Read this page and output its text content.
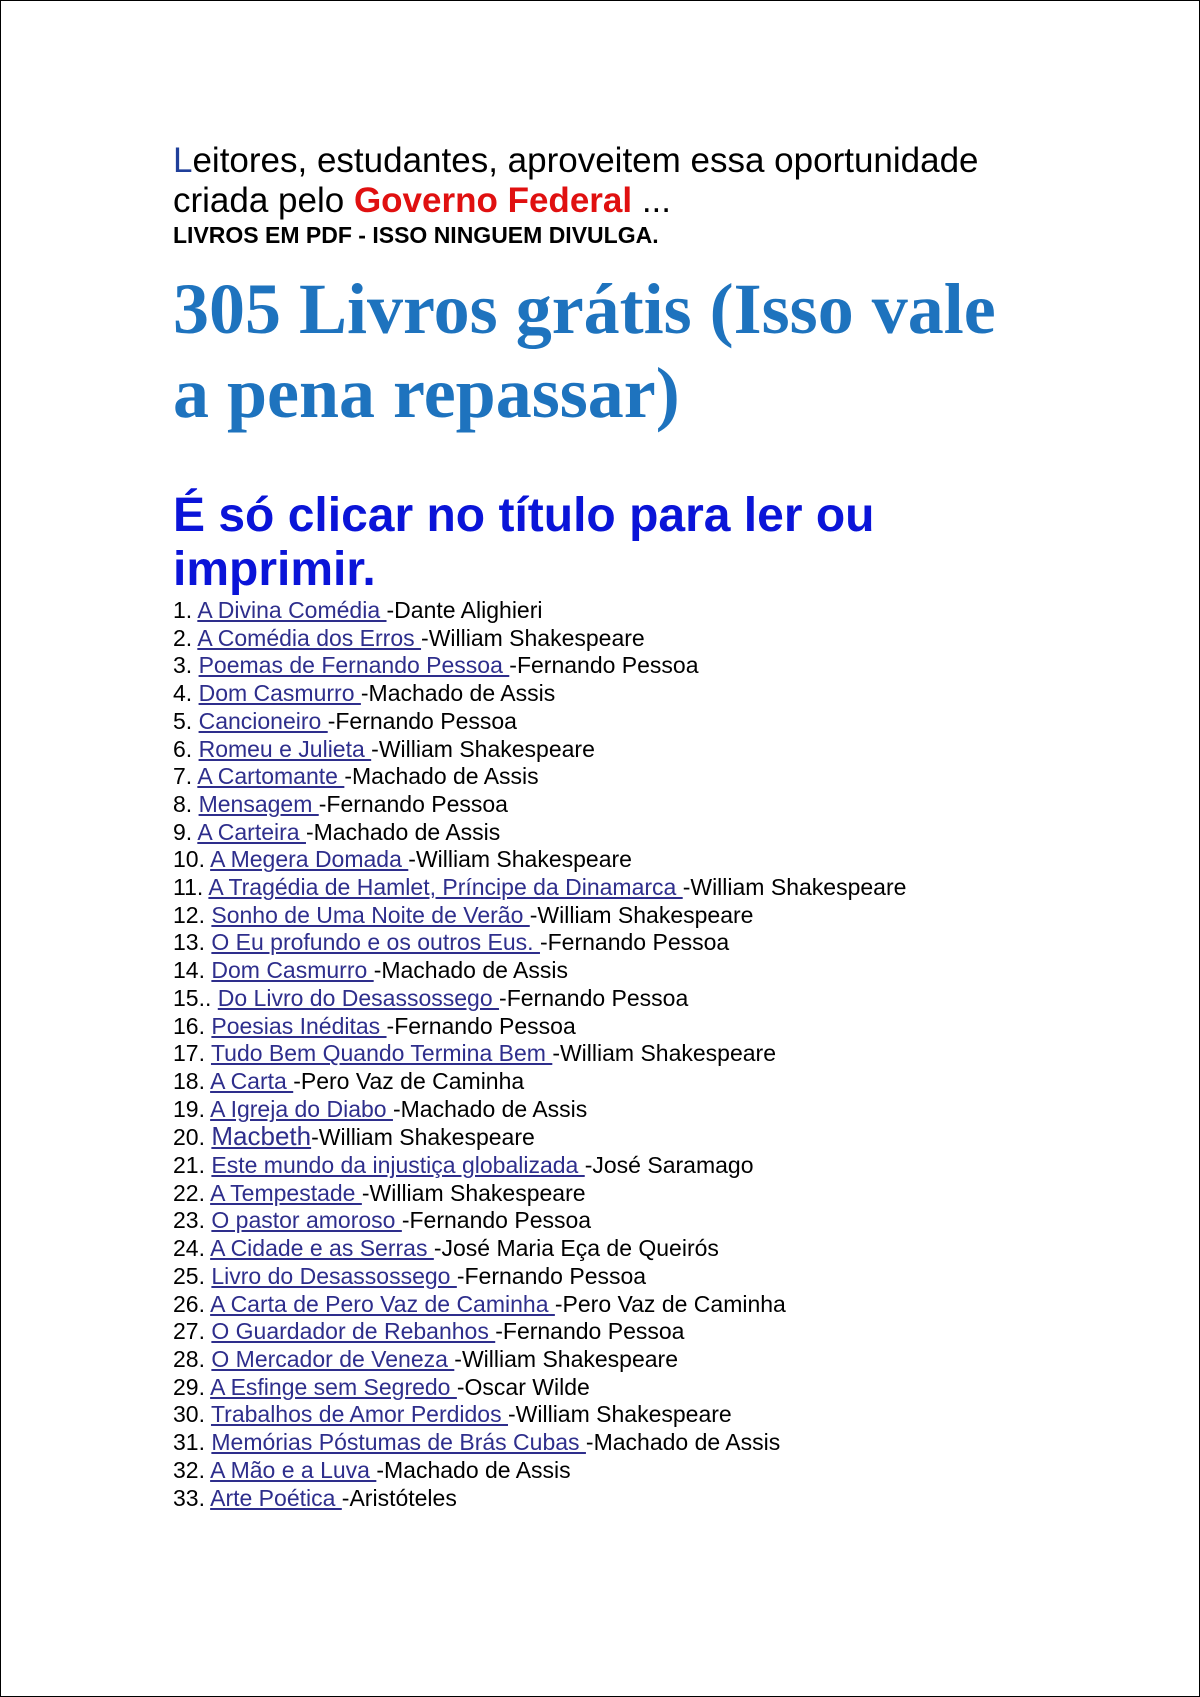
Leitores, estudantes, aproveitem essa oportunidade

criada pelo Governo Federal ...

LIVROS EM PDF - ISSO NINGUEM DIVULGA.

305 Livros grátis (Isso vale
a pena repassar)
É só clicar no título para ler ou
imprimir.
1. A Divina Comédia -Dante Alighieri
2. A Comédia dos Erros -William Shakespeare
3. Poemas de Fernando Pessoa -Fernando Pessoa
4. Dom Casmurro -Machado de Assis
5. Cancioneiro -Fernando Pessoa
6. Romeu e Julieta -William Shakespeare
7. A Cartomante -Machado de Assis
8. Mensagem -Fernando Pessoa
9. A Carteira -Machado de Assis
10. A Megera Domada -William Shakespeare
11. A Tragédia de Hamlet, Príncipe da Dinamarca -William Shakespeare
12. Sonho de Uma Noite de Verão -William Shakespeare
13. O Eu profundo e os outros Eus. -Fernando Pessoa
14. Dom Casmurro -Machado de Assis
15.. Do Livro do Desassossego -Fernando Pessoa
16. Poesias Inéditas -Fernando Pessoa
17. Tudo Bem Quando Termina Bem -William Shakespeare
18. A Carta -Pero Vaz de Caminha
19. A Igreja do Diabo -Machado de Assis
20. Macbeth-William Shakespeare
21. Este mundo da injustiça globalizada -José Saramago
22. A Tempestade -William Shakespeare
23. O pastor amoroso -Fernando Pessoa
24. A Cidade e as Serras -José Maria Eça de Queirós
25. Livro do Desassossego -Fernando Pessoa
26. A Carta de Pero Vaz de Caminha -Pero Vaz de Caminha
27. O Guardador de Rebanhos -Fernando Pessoa
28. O Mercador de Veneza -William Shakespeare
29. A Esfinge sem Segredo -Oscar Wilde
30. Trabalhos de Amor Perdidos -William Shakespeare
31. Memórias Póstumas de Brás Cubas -Machado de Assis
32. A Mão e a Luva -Machado de Assis
33. Arte Poética -Aristóteles
